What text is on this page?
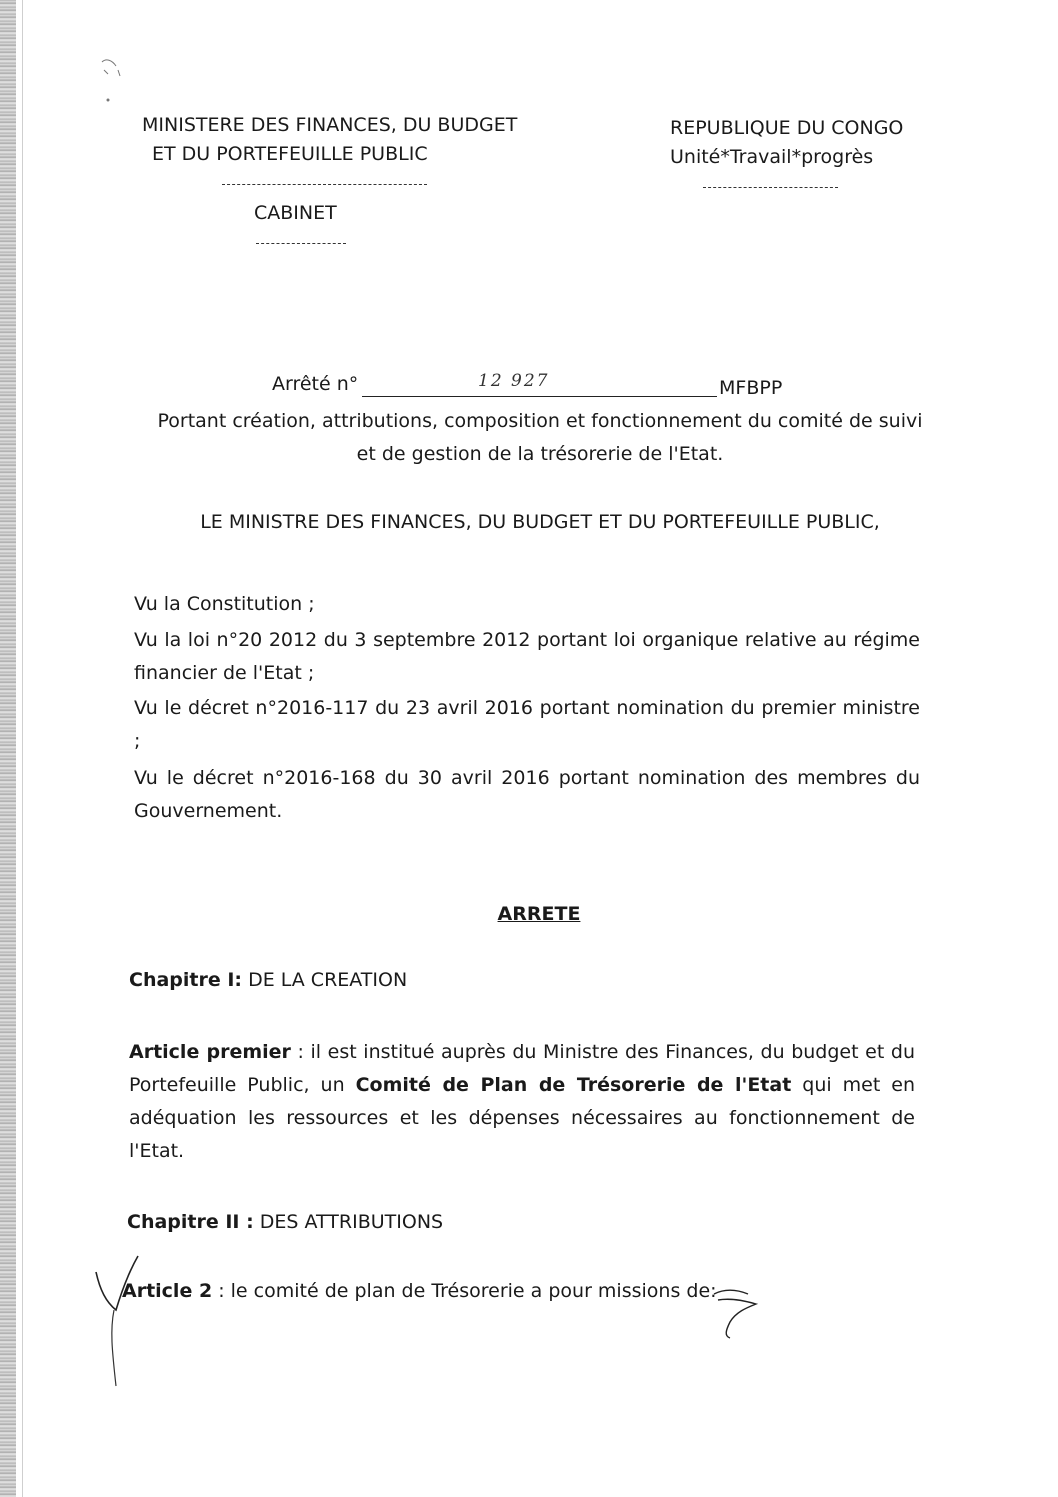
MINISTERE DES FINANCES, DU BUDGET
ET DU PORTEFEUILLE PUBLIC
CABINET
REPUBLIQUE DU CONGO
Unité*Travail*progrès
Arrêté n°	12 927	MFBPP
Portant création, attributions, composition et fonctionnement du comité de suivi
et de gestion de la trésorerie de l'Etat.
LE MINISTRE DES FINANCES, DU BUDGET ET DU PORTEFEUILLE PUBLIC,
Vu la Constitution ;
Vu la loi n°20 2012 du 3 septembre 2012 portant loi organique relative au régime financier de l'Etat ;
Vu le décret n°2016-117 du 23 avril 2016 portant nomination du premier ministre ;
Vu le décret n°2016-168 du 30 avril 2016 portant nomination des membres du Gouvernement.
ARRETE
Chapitre I: DE LA CREATION
Article premier : il est institué auprès du Ministre des Finances, du budget et du Portefeuille Public, un Comité de Plan de Trésorerie de l'Etat qui met en adéquation les ressources et les dépenses nécessaires au fonctionnement de l'Etat.
Chapitre II : DES ATTRIBUTIONS
Article 2 : le comité de plan de Trésorerie a pour missions de:
